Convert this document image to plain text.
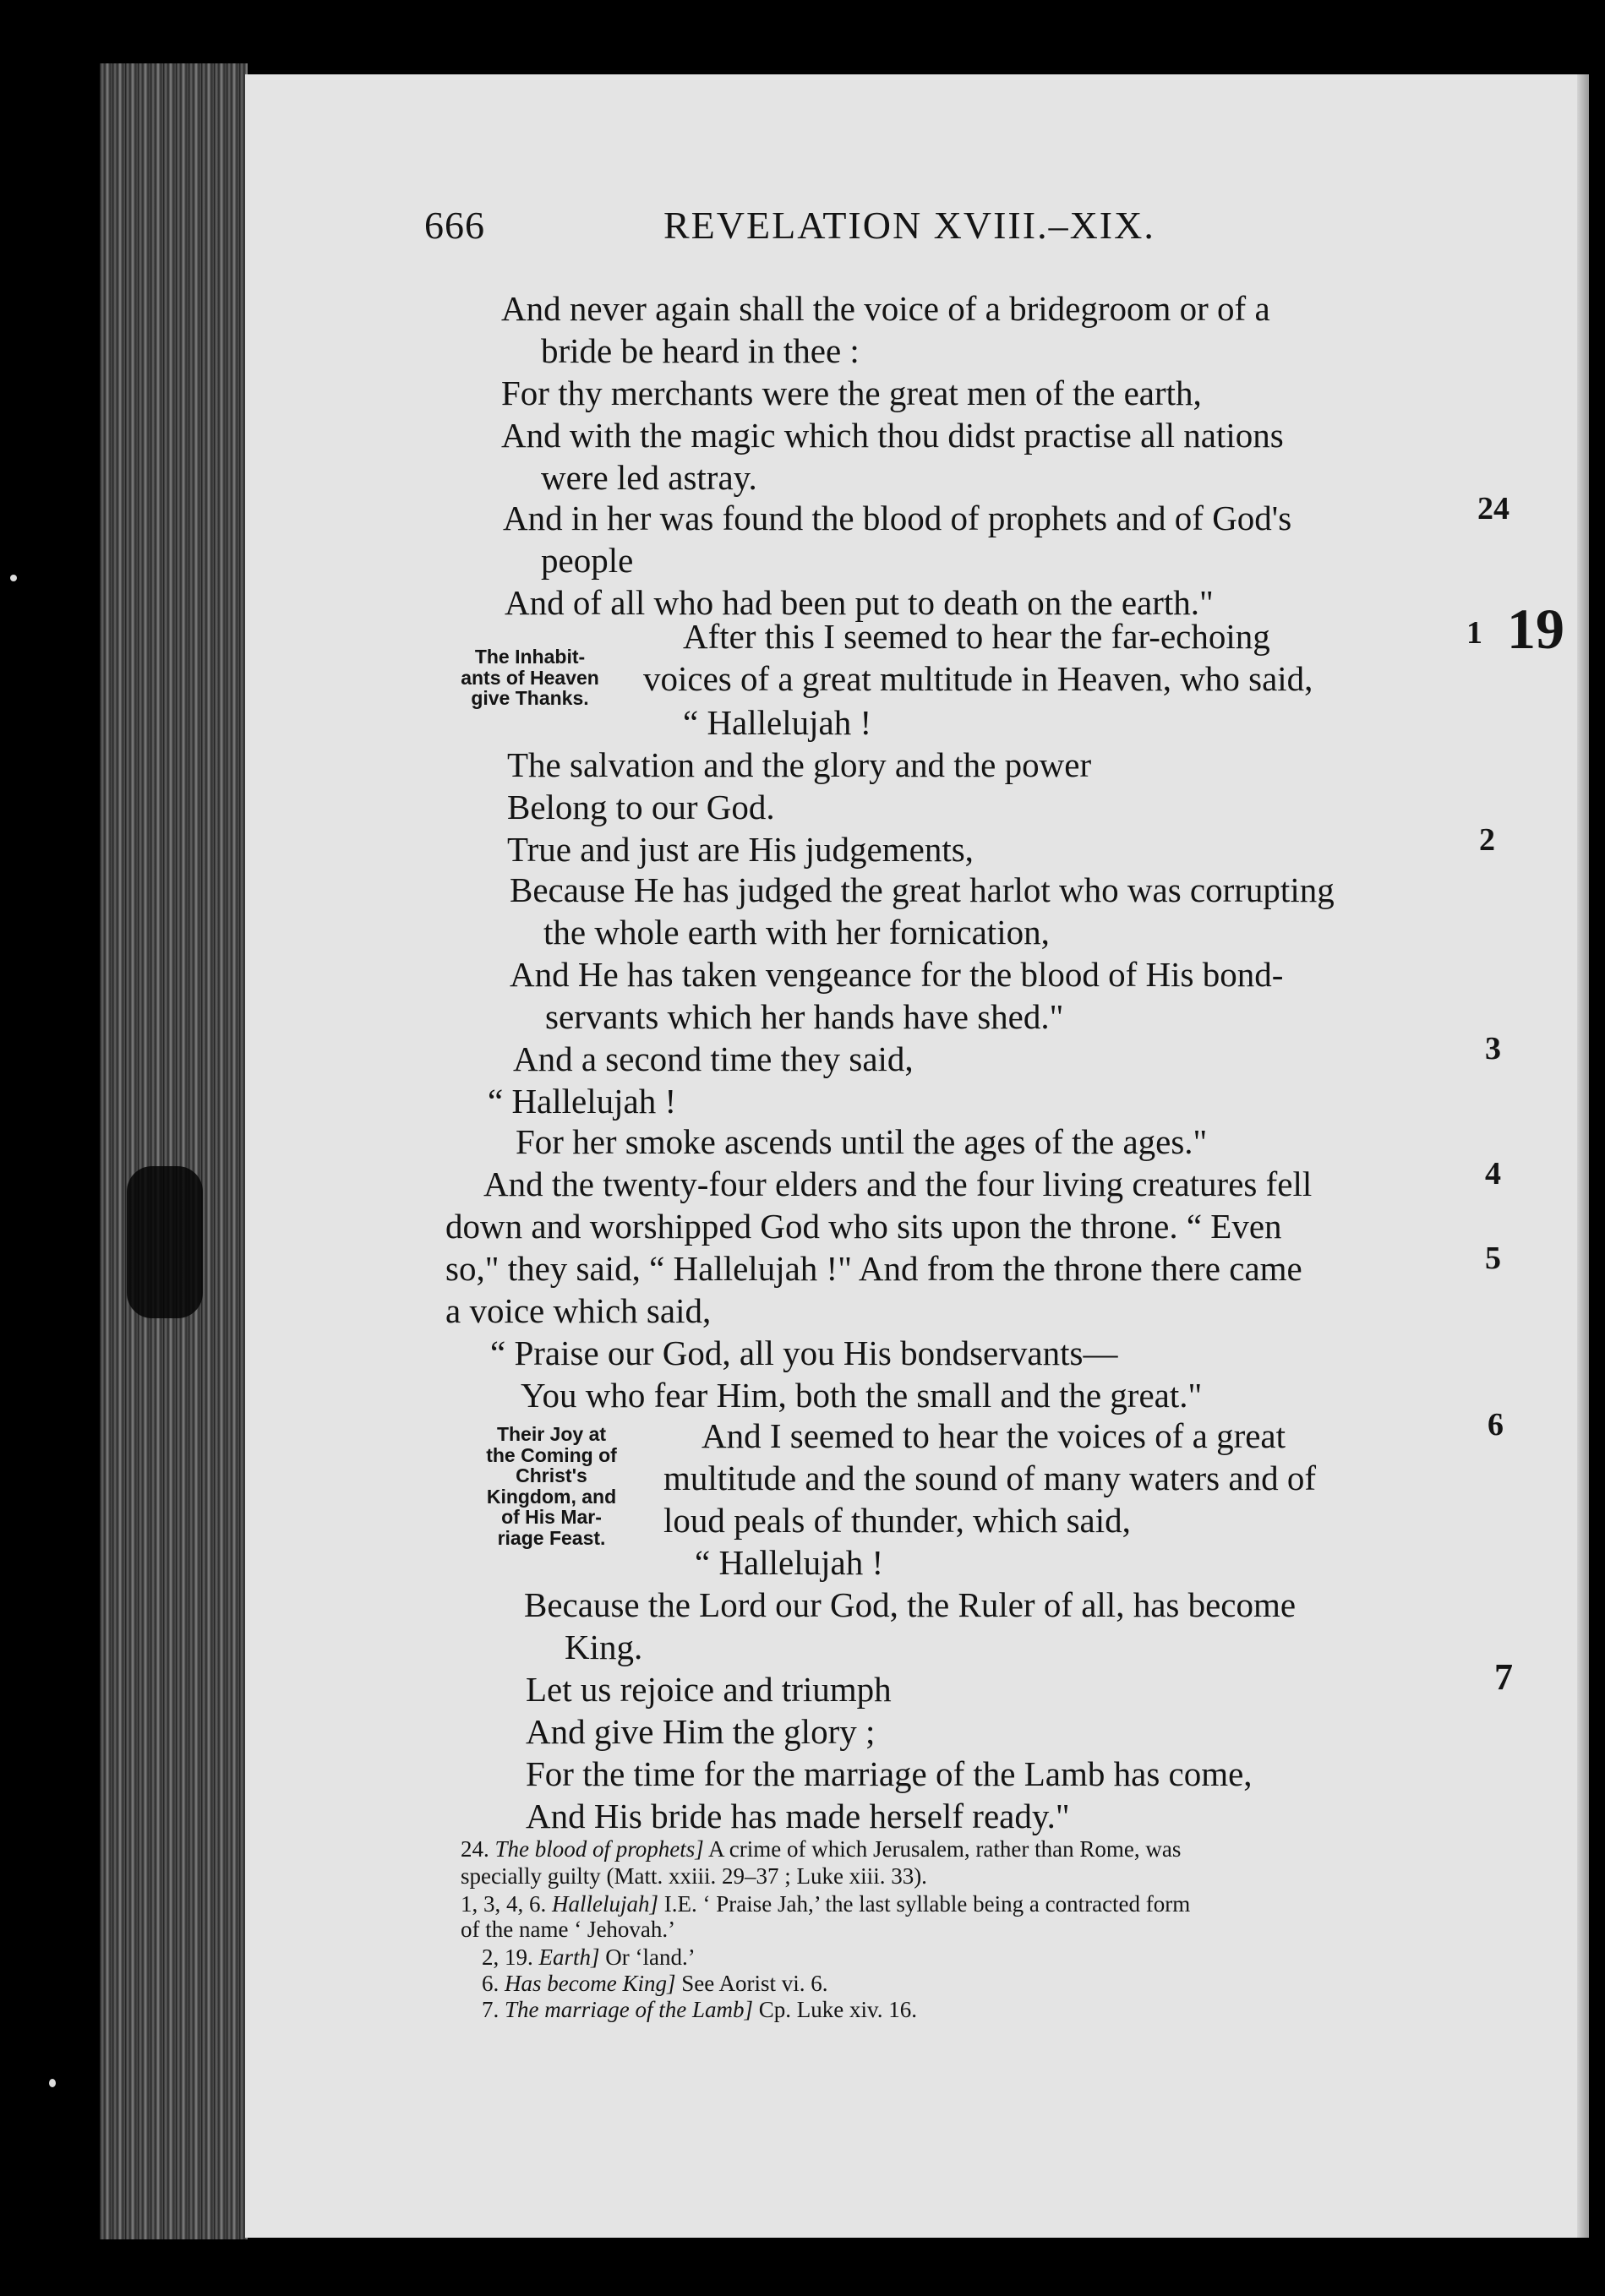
666	REVELATION XVIII.–XIX.
And never again shall the voice of a bridegroom or of a
bride be heard in thee :
For thy merchants were the great men of the earth,
And with the magic which thou didst practise all nations
were led astray.
And in her was found the blood of prophets and of God's
people
And of all who had been put to death on the earth."
After this I seemed to hear the far-echoing
voices of a great multitude in Heaven, who said,
“ Hallelujah !
The salvation and the glory and the power
Belong to our God.
True and just are His judgements,
Because He has judged the great harlot who was corrupting
the whole earth with her fornication,
And He has taken vengeance for the blood of His bond-
servants which her hands have shed."
And a second time they said,
“ Hallelujah !
For her smoke ascends until the ages of the ages."
And the twenty-four elders and the four living creatures fell
down and worshipped God who sits upon the throne. “ Even
so," they said, “ Hallelujah !" And from the throne there came
a voice which said,
“ Praise our God, all you His bondservants—
You who fear Him, both the small and the great."
And I seemed to hear the voices of a great
multitude and the sound of many waters and of
loud peals of thunder, which said,
“ Hallelujah !
Because the Lord our God, the Ruler of all, has become
King.
Let us rejoice and triumph
And give Him the glory ;
For the time for the marriage of the Lamb has come,
And His bride has made herself ready."
24
1 19
2
3
4
5
6
7
The Inhabit-
ants of Heaven
give Thanks.
Their Joy at
the Coming of
Christ's
Kingdom, and
of His Mar-
riage Feast.
24. The blood of prophets] A crime of which Jerusalem, rather than Rome, was
specially guilty (Matt. xxiii. 29–37 ; Luke xiii. 33).
1, 3, 4, 6. Hallelujah] I.E. ‘ Praise Jah,’ the last syllable being a contracted form
of the name ‘ Jehovah.’
2, 19. Earth] Or ‘land.’
6. Has become King] See Aorist vi. 6.
7. The marriage of the Lamb] Cp. Luke xiv. 16.
